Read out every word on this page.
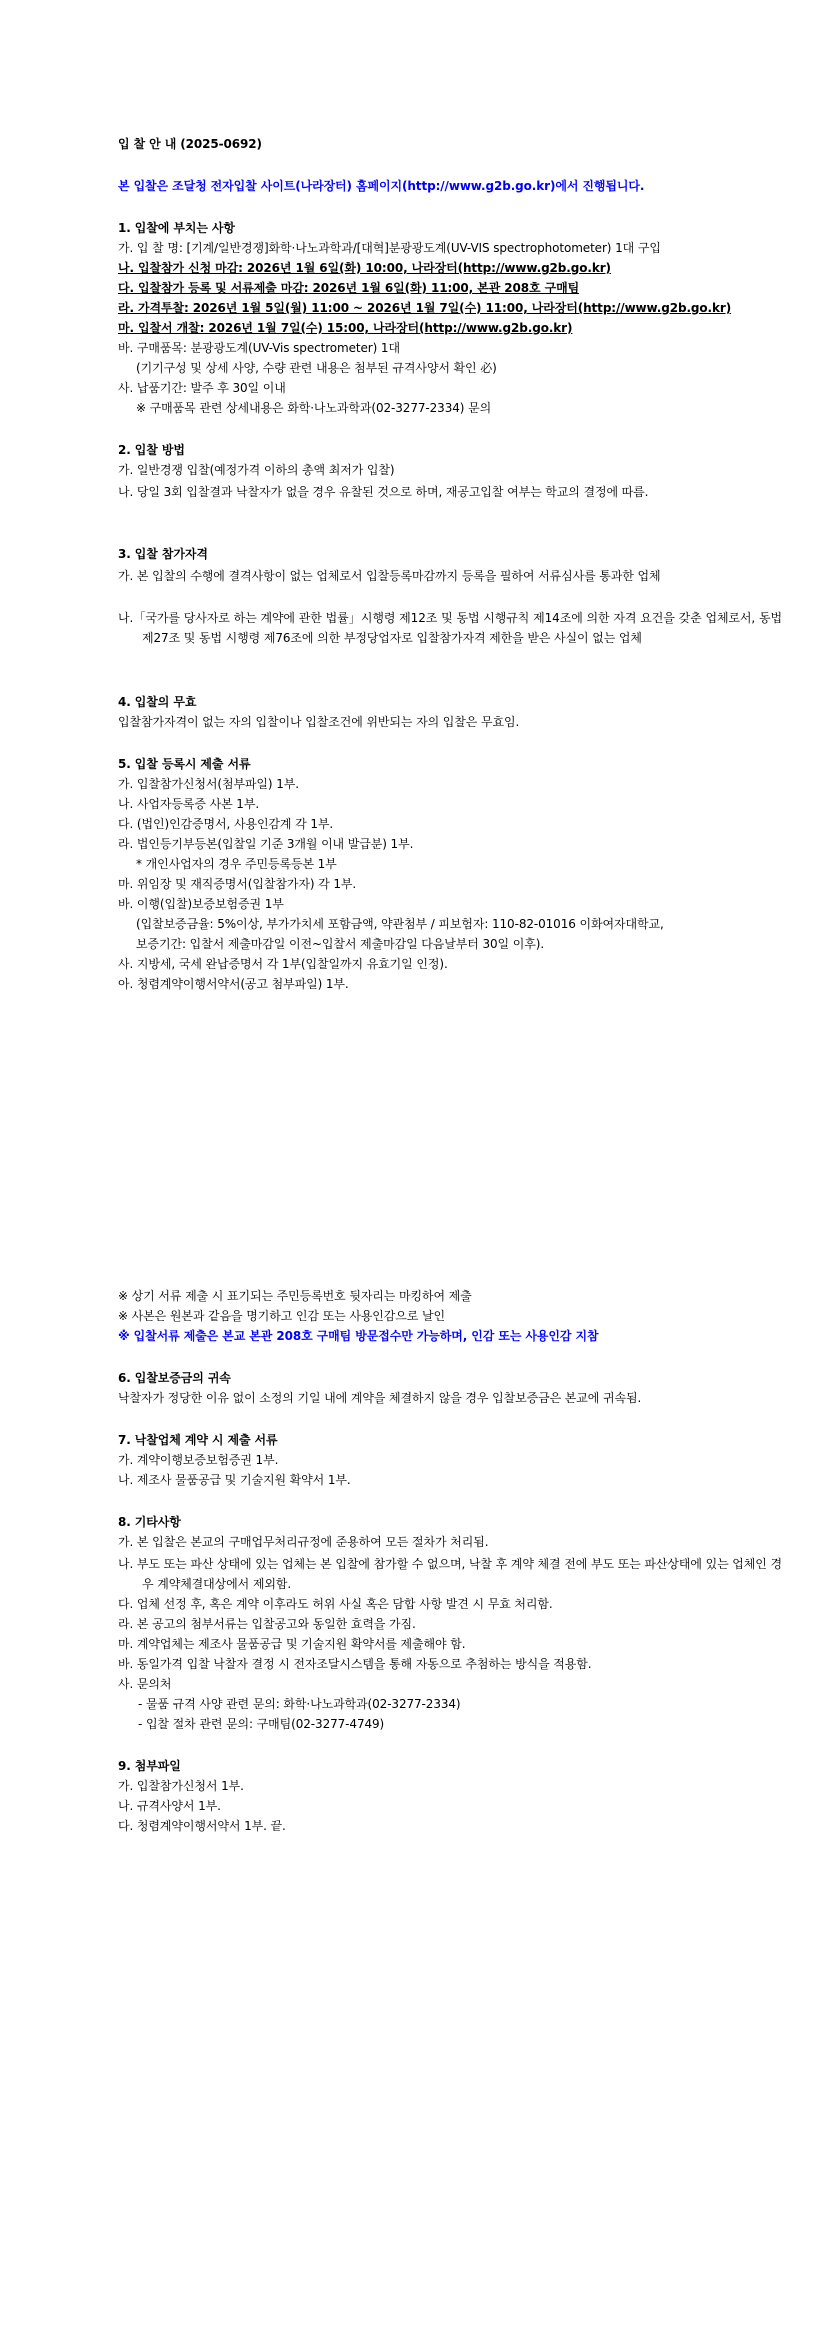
입 찰 안 내 (2025-0692)
본 입찰은 조달청 전자입찰 사이트(나라장터) 홈페이지(http://www.g2b.go.kr)에서 진행됩니다.
1. 입찰에 부치는 사항
가. 입 찰 명: [기계/일반경쟁]화학·나노과학과/[대혁]분광광도계(UV-VIS spectrophotometer) 1대 구입
나. 입찰참가 신청 마감: 2026년 1월 6일(화) 10:00, 나라장터(http://www.g2b.go.kr)
다. 입찰참가 등록 및 서류제출 마감: 2026년 1월 6일(화) 11:00, 본관 208호 구매팀
라. 가격투찰: 2026년 1월 5일(월) 11:00 ~ 2026년 1월 7일(수) 11:00, 나라장터(http://www.g2b.go.kr)
마. 입찰서 개찰: 2026년 1월 7일(수) 15:00, 나라장터(http://www.g2b.go.kr)
바. 구매품목: 분광광도계(UV-Vis spectrometer) 1대
(기기구성 및 상세 사양, 수량 관련 내용은 첨부된 규격사양서 확인 必)
사. 납품기간: 발주 후 30일 이내
※ 구매품목 관련 상세내용은 화학·나노과학과(02-3277-2334) 문의
2. 입찰 방법
가. 일반경쟁 입찰(예정가격 이하의 총액 최저가 입찰)
나. 당일 3회 입찰결과 낙찰자가 없을 경우 유찰된 것으로 하며, 재공고입찰 여부는 학교의 결정에 따름.
3. 입찰 참가자격
가. 본 입찰의 수행에 결격사항이 없는 업체로서 입찰등록마감까지 등록을 필하여 서류심사를 통과한 업체
나.「국가를 당사자로 하는 계약에 관한 법률」시행령 제12조 및 동법 시행규칙 제14조에 의한 자격 요건을 갖춘 업체로서, 동법 제27조 및 동법 시행령 제76조에 의한 부정당업자로 입찰참가자격 제한을 받은 사실이 없는 업체
4. 입찰의 무효
입찰참가자격이 없는 자의 입찰이나 입찰조건에 위반되는 자의 입찰은 무효임.
5. 입찰 등록시 제출 서류
가. 입찰참가신청서(첨부파일) 1부.
나. 사업자등록증 사본 1부.
다. (법인)인감증명서, 사용인감계 각 1부.
라. 법인등기부등본(입찰일 기준 3개월 이내 발급분) 1부.
* 개인사업자의 경우 주민등록등본 1부
마. 위임장 및 재직증명서(입찰참가자) 각 1부.
바. 이행(입찰)보증보험증권 1부
(입찰보증금율: 5%이상, 부가가치세 포함금액, 약관첨부 / 피보험자: 110-82-01016 이화여자대학교,
보증기간: 입찰서 제출마감일 이전~입찰서 제출마감일 다음날부터 30일 이후).
사. 지방세, 국세 완납증명서 각 1부(입찰일까지 유효기일 인정).
아. 청렴계약이행서약서(공고 첨부파일) 1부.
※ 상기 서류 제출 시 표기되는 주민등록번호 뒷자리는 마킹하여 제출
※ 사본은 원본과 같음을 명기하고 인감 또는 사용인감으로 날인
※ 입찰서류 제출은 본교 본관 208호 구매팀 방문접수만 가능하며, 인감 또는 사용인감 지참
6. 입찰보증금의 귀속
낙찰자가 정당한 이유 없이 소정의 기일 내에 계약을 체결하지 않을 경우 입찰보증금은 본교에 귀속됨.
7. 낙찰업체 계약 시 제출 서류
가. 계약이행보증보험증권 1부.
나. 제조사 물품공급 및 기술지원 확약서 1부.
8. 기타사항
가. 본 입찰은 본교의 구매업무처리규정에 준용하여 모든 절차가 처리됨.
나. 부도 또는 파산 상태에 있는 업체는 본 입찰에 참가할 수 없으며, 낙찰 후 계약 체결 전에 부도 또는 파산상태에 있는 업체인 경우 계약체결대상에서 제외함.
다. 업체 선정 후, 혹은 계약 이후라도 허위 사실 혹은 담합 사항 발견 시 무효 처리함.
라. 본 공고의 첨부서류는 입찰공고와 동일한 효력을 가짐.
마. 계약업체는 제조사 물품공급 및 기술지원 확약서를 제출해야 함.
바. 동일가격 입찰 낙찰자 결정 시 전자조달시스템을 통해 자동으로 추첨하는 방식을 적용함.
사. 문의처
- 물품 규격 사양 관련 문의: 화학·나노과학과(02-3277-2334)
- 입찰 절차 관련 문의: 구매팀(02-3277-4749)
9. 첨부파일
가. 입찰참가신청서 1부.
나. 규격사양서 1부.
다. 청렴계약이행서약서 1부. 끝.
